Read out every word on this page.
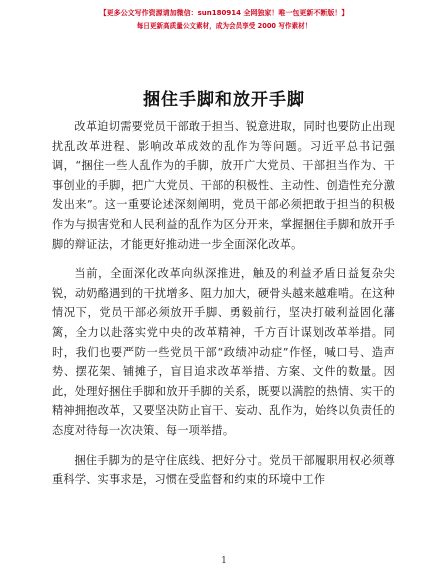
【更多公文写作资源请加微信：sun180914 全网独家！唯一包更新不断版！】
每日更新高质量公文素材，成为会员享受 2000 写作素材！
捆住手脚和放开手脚

改革迫切需要党员干部敢于担当、锐意进取，同时也要防止出现扰乱改革进程、影响改革成效的乱作为等问题。习近平总书记强调，“捆住一些人乱作为的手脚，放开广大党员、干部担当作为、干事创业的手脚，把广大党员、干部的积极性、主动性、创造性充分激发出来”。这一重要论述深刻阐明，党员干部必须把敢于担当的积极作为与损害党和人民利益的乱作为区分开来，掌握捆住手脚和放开手脚的辩证法，才能更好推动进一步全面深化改革。

当前，全面深化改革向纵深推进，触及的利益矛盾日益复杂尖锐，动奶酪遇到的干扰增多、阻力加大，硬骨头越来越难啃。在这种情况下，党员干部必须放开手脚、勇毅前行，坚决打破利益固化藩篱，全力以赴落实党中央的改革精神，千方百计谋划改革举措。同时，我们也要严防一些党员干部“政绩冲动症”作怪，喊口号、造声势、摆花架、铺摊子，盲目追求改革举措、方案、文件的数量。因此，处理好捆住手脚和放开手脚的关系，既要以满腔的热情、实干的精神拥抱改革，又要坚决防止盲干、妄动、乱作为，始终以负责任的态度对待每一次决策、每一项举措。

捆住手脚为的是守住底线、把好分寸。党员干部履职用权必须尊重科学、实事求是，习惯在受监督和约束的环境中工作

1
